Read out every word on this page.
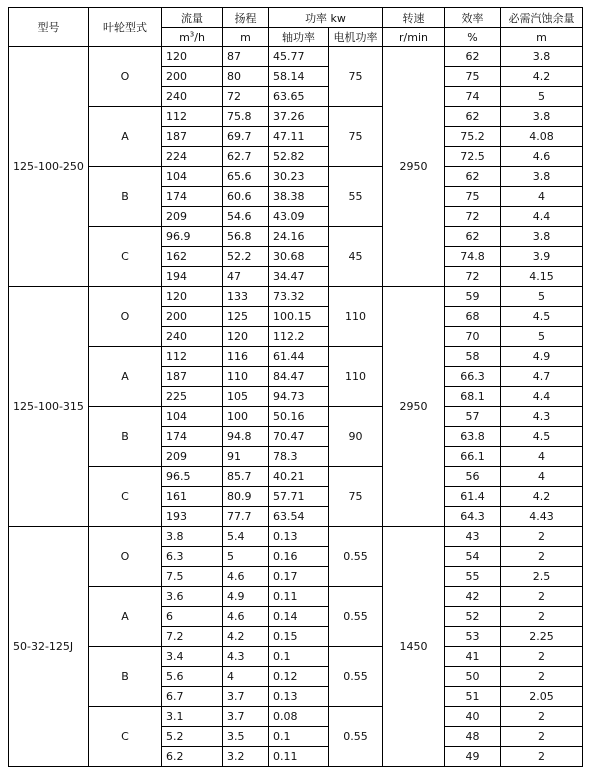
型号	叶轮型式	流量	扬程	功率 kw		转速	效率	必需汽蚀余量
		$m^3/h$	m	轴功率	电机功率	r/min	%	m
125-100-250	O	120	87	45.77	75	2950	62	3.8
		200	80	58.14			75	4.2
		240	72	63.65			74	5
	A	112	75.8	37.26	75		62	3.8
		187	69.7	47.11			75.2	4.08
		224	62.7	52.82			72.5	4.6
	B	104	65.6	30.23	55		62	3.8
		174	60.6	38.38			75	4
		209	54.6	43.09			72	4.4
	C	96.9	56.8	24.16	45		62	3.8
		162	52.2	30.68			74.8	3.9
		194	47	34.47			72	4.15
125-100-315	O	120	133	73.32	110	2950	59	5
		200	125	100.15			68	4.5
		240	120	112.2			70	5
	A	112	116	61.44	110		58	4.9
		187	110	84.47			66.3	4.7
		225	105	94.73			68.1	4.4
	B	104	100	50.16	90		57	4.3
		174	94.8	70.47			63.8	4.5
		209	91	78.3			66.1	4
	C	96.5	85.7	40.21	75		56	4
		161	80.9	57.71			61.4	4.2
		193	77.7	63.54			64.3	4.43
50-32-125J	O	3.8	5.4	0.13	0.55	1450	43	2
		6.3	5	0.16			54	2
		7.5	4.6	0.17			55	2.5
	A	3.6	4.9	0.11	0.55		42	2
		6	4.6	0.14			52	2
		7.2	4.2	0.15			53	2.25
	B	3.4	4.3	0.1	0.55		41	2
		5.6	4	0.12			50	2
		6.7	3.7	0.13			51	2.05
	C	3.1	3.7	0.08	0.55		40	2
		5.2	3.5	0.1			48	2
		6.2	3.2	0.11			49	2
